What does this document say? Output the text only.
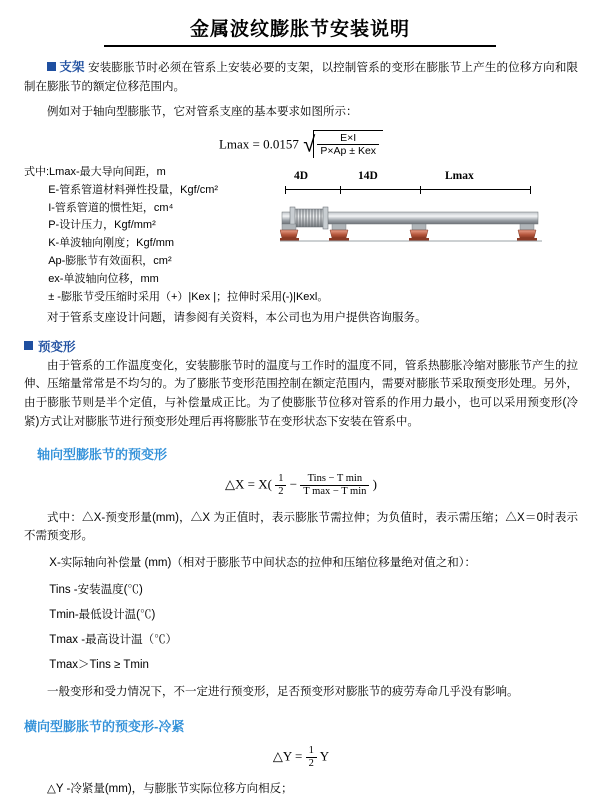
金属波纹膨胀节安装说明

支架 安装膨胀节时必须在管系上安装必要的支架，以控制管系的变形在膨胀节上产生的位移方向和限制在膨胀节的额定位移范围内。

例如对于轴向型膨胀节，它对管系支座的基本要求如图所示：

Lmax = 0.0157 √ $\frac{E\times I}{\text{P×Ap ± Kex}}$
式中:Lmax-最大导向间距，m
E-管系管道材料弹性投量，Kgf/cm²
I-管系管道的惯性矩，cm⁴
P-设计压力，Kgf/mm²
K-单波轴向刚度；Kgf/mm
Ap-膨胀节有效面积，cm²
ex-单波轴向位移，mm
± -膨胀节受压缩时采用（+）|Kex |；拉伸时采用(-)|Kexl。
4D	14D	Lmax

对于管系支座设计问题，请参阅有关资料，本公司也为用户提供咨询服务。

预变形

由于管系的工作温度变化，安装膨胀节时的温度与工作时的温度不同，管系热膨胀冷缩对膨胀节产生的拉伸、压缩量常常是不均匀的。为了膨胀节变形范围控制在额定范围内，需要对膨胀节采取预变形处理。另外，由于膨胀节则是半个定值，与补偿量成正比。为了使膨胀节位移对管系的作用力最小，也可以采用预变形(冷紧)方式让对膨胀节进行预变形处理后再将膨胀节在变形状态下安装在管系中。

轴向型膨胀节的预变形
△X = $X( \frac{1}{2} - \frac{\text{Tins − T min}}{\text{T max − T min}}$ )

式中：△X-预变形量(mm)，△X 为正值时，表示膨胀节需拉伸；为负值时，表示需压缩；△X＝0时表示不需预变形。

X-实际轴向补偿量 (mm)（相对于膨胀节中间状态的拉伸和压缩位移量绝对值之和）：

Tins -安装温度(℃)

Tmin-最低设计温(℃)

Tmax -最高设计温（℃）

Tmax＞Tins ≥ Tmin

一般变形和受力情况下，不一定进行预变形，足否预变形对膨胀节的疲劳寿命几乎没有影响。

横向型膨胀节的预变形-冷紧
△Y = $\frac{1}{2}$ Y

△Y -冷紧量(mm)，与膨胀节实际位移方向相反；
